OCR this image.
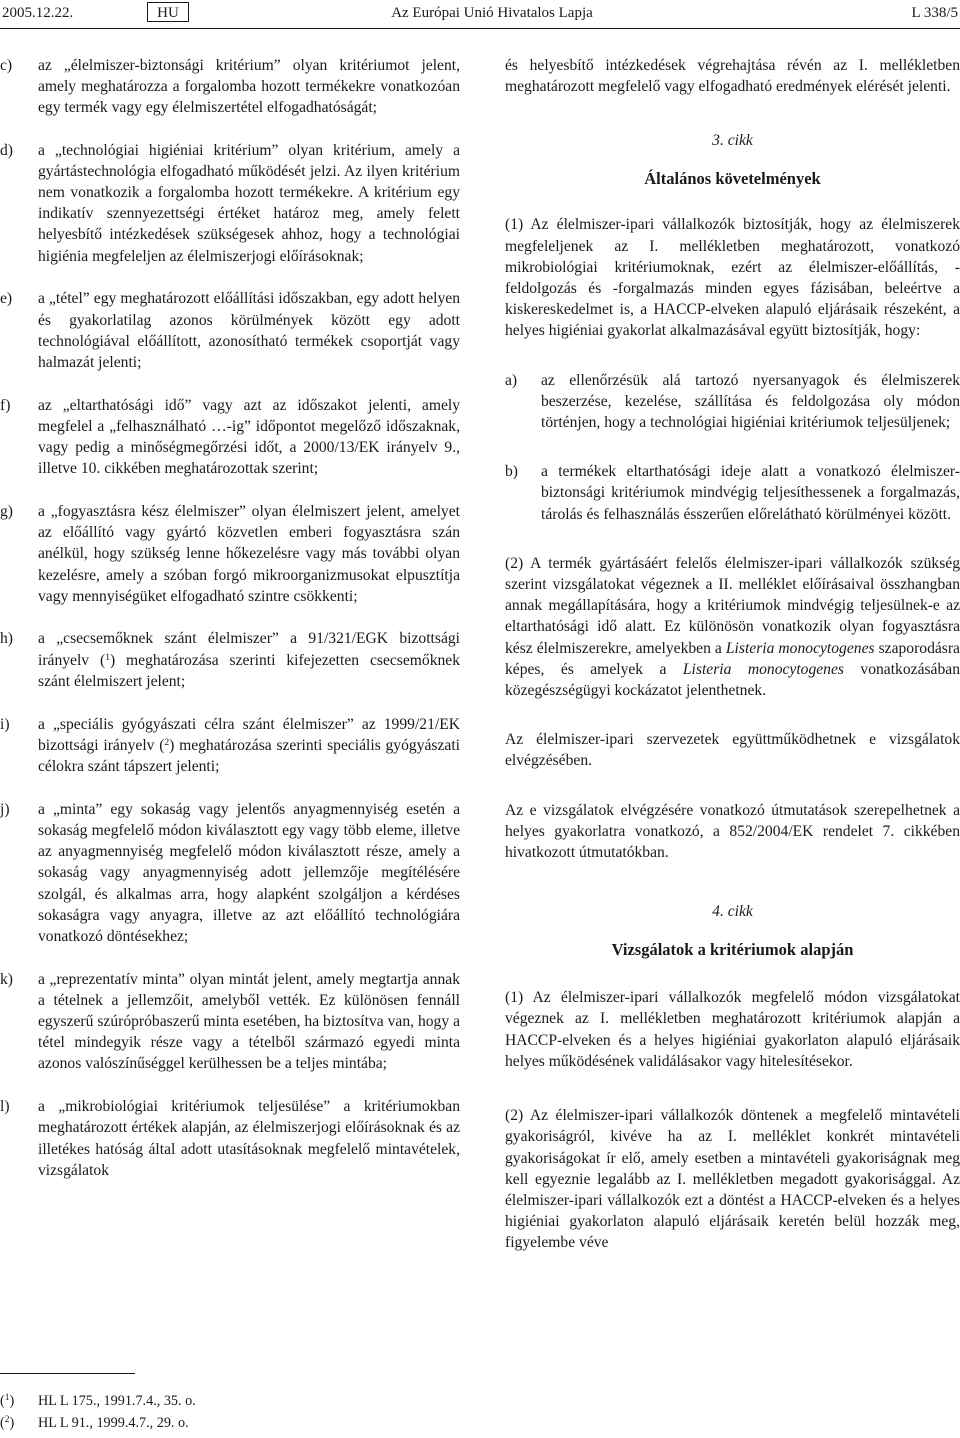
2005.12.22.	HU	Az Európai Unió Hivatalos Lapja	L 338/5
c) az „élelmiszer-biztonsági kritérium” olyan kritériumot jelent, amely meghatározza a forgalomba hozott termékekre vonatkozóan egy termék vagy egy élelmiszertétel elfogadhatóságát;
d) a „technológiai higiéniai kritérium” olyan kritérium, amely a gyártástechnológia elfogadható működését jelzi. Az ilyen kritérium nem vonatkozik a forgalomba hozott termékekre. A kritérium egy indikatív szennyezettségi értéket határoz meg, amely felett helyesbítő intézkedések szükségesek ahhoz, hogy a technológiai higiénia megfeleljen az élelmiszerjogi előírásoknak;
e) a „tétel” egy meghatározott előállítási időszakban, egy adott helyen és gyakorlatilag azonos körülmények között egy adott technológiával előállított, azonosítható termékek csoportját vagy halmazát jelenti;
f) az „eltarthatósági idő” vagy azt az időszakot jelenti, amely megfelel a „felhasználható …-ig” időpontot megelőző időszaknak, vagy pedig a minőségmegőrzési időt, a 2000/13/EK irányelv 9., illetve 10. cikkében meghatározottak szerint;
g) a „fogyasztásra kész élelmiszer” olyan élelmiszert jelent, amelyet az előállító vagy gyártó közvetlen emberi fogyasztásra szán anélkül, hogy szükség lenne hőkezelésre vagy más további olyan kezelésre, amely a szóban forgó mikroorganizmusokat elpusztítja vagy mennyiségüket elfogadható szintre csökkenti;
h) a „csecsemőknek szánt élelmiszer” a 91/321/EGK bizottsági irányelv ($^1$) meghatározása szerinti kifejezetten csecsemőknek szánt élelmiszert jelent;
i) a „speciális gyógyászati célra szánt élelmiszer” az 1999/21/EK bizottsági irányelv ($^2$) meghatározása szerinti speciális gyógyászati célokra szánt tápszert jelenti;
j) a „minta” egy sokaság vagy jelentős anyagmennyiség esetén a sokaság megfelelő módon kiválasztott egy vagy több eleme, illetve az anyagmennyiség megfelelő módon kiválasztott része, amely a sokaság vagy anyagmennyiség adott jellemzője megítélésére szolgál, és alkalmas arra, hogy alapként szolgáljon a kérdéses sokaságra vagy anyagra, illetve az azt előállító technológiára vonatkozó döntésekhez;
k) a „reprezentatív minta” olyan mintát jelent, amely megtartja annak a tételnek a jellemzőit, amelyből vették. Ez különösen fennáll egyszerű szúrópróbaszerű minta esetében, ha biztosítva van, hogy a tétel mindegyik része vagy a tételből származó egyedi minta azonos valószínűséggel kerülhessen be a teljes mintába;
l) a „mikrobiológiai kritériumok teljesülése” a kritériumokban meghatározott értékek alapján, az élelmiszerjogi előírásoknak és az illetékes hatóság által adott utasításoknak megfelelő mintavételek, vizsgálatok
($^1$) HL L 175., 1991.7.4., 35. o.
($^2$) HL L 91., 1999.4.7., 29. o.
és helyesbítő intézkedések végrehajtása révén az I. mellékletben meghatározott megfelelő vagy elfogadható eredmények elérését jelenti.
3. cikk
Általános követelmények
(1) Az élelmiszer-ipari vállalkozók biztosítják, hogy az élelmiszerek megfeleljenek az I. mellékletben meghatározott, vonatkozó mikrobiológiai kritériumoknak, ezért az élelmiszer-előállítás, -feldolgozás és -forgalmazás minden egyes fázisában, beleértve a kiskereskedelmet is, a HACCP-elveken alapuló eljárásaik részeként, a helyes higiéniai gyakorlat alkalmazásával együtt biztosítják, hogy:
a) az ellenőrzésük alá tartozó nyersanyagok és élelmiszerek beszerzése, kezelése, szállítása és feldolgozása oly módon történjen, hogy a technológiai higiéniai kritériumok teljesüljenek;
b) a termékek eltarthatósági ideje alatt a vonatkozó élelmiszer-biztonsági kritériumok mindvégig teljesíthessenek a forgalmazás, tárolás és felhasználás ésszerűen előrelátható körülményei között.
(2) A termék gyártásáért felelős élelmiszer-ipari vállalkozók szükség szerint vizsgálatokat végeznek a II. melléklet előírásaival összhangban annak megállapítására, hogy a kritériumok mindvégig teljesülnek-e az eltarthatósági idő alatt. Ez különösön vonatkozik olyan fogyasztásra kész élelmiszerekre, amelyekben a Listeria monocytogenes szaporodásra képes, és amelyek a Listeria monocytogenes vonatkozásában közegészségügyi kockázatot jelenthetnek.
Az élelmiszer-ipari szervezetek együttműködhetnek e vizsgálatok elvégzésében.
Az e vizsgálatok elvégzésére vonatkozó útmutatások szerepelhetnek a helyes gyakorlatra vonatkozó, a 852/2004/EK rendelet 7. cikkében hivatkozott útmutatókban.
4. cikk
Vizsgálatok a kritériumok alapján
(1) Az élelmiszer-ipari vállalkozók megfelelő módon vizsgálatokat végeznek az I. mellékletben meghatározott kritériumok alapján a HACCP-elveken és a helyes higiéniai gyakorlaton alapuló eljárásaik helyes működésének validálásakor vagy hitelesítésekor.
(2) Az élelmiszer-ipari vállalkozók döntenek a megfelelő mintavételi gyakoriságról, kivéve ha az I. melléklet konkrét mintavételi gyakoriságokat ír elő, amely esetben a mintavételi gyakoriságnak meg kell egyeznie legalább az I. mellékletben megadott gyakorisággal. Az élelmiszer-ipari vállalkozók ezt a döntést a HACCP-elveken és a helyes higiéniai gyakorlaton alapuló eljárásaik keretén belül hozzák meg, figyelembe véve
